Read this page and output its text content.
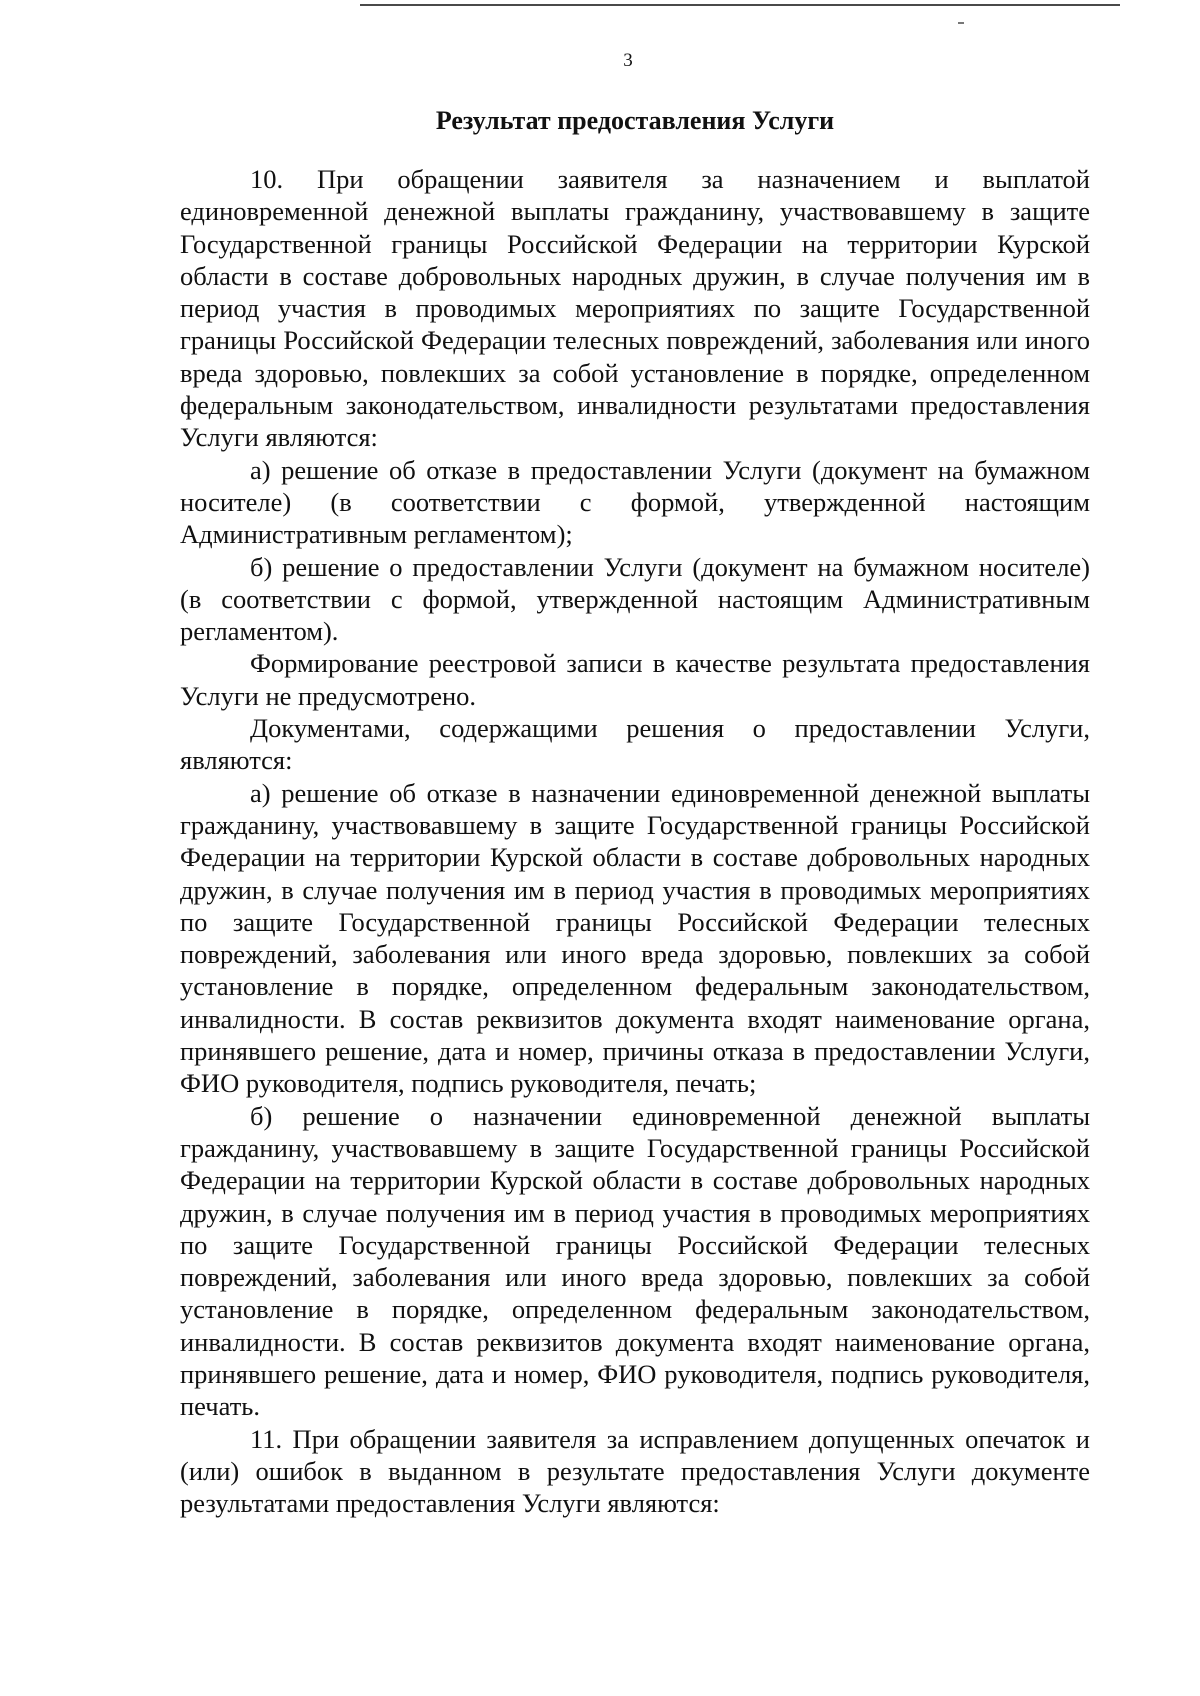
3
Результат предоставления Услуги

10. При обращении заявителя за назначением и выплатой единовременной денежной выплаты гражданину, участвовавшему в защите Государственной границы Российской Федерации на территории Курской области в составе добровольных народных дружин, в случае получения им в период участия в проводимых мероприятиях по защите Государственной границы Российской Федерации телесных повреждений, заболевания или иного вреда здоровью, повлекших за собой установление в порядке, определенном федеральным законодательством, инвалидности результатами предоставления Услуги являются:

а) решение об отказе в предоставлении Услуги (документ на бумажном носителе) (в соответствии с формой, утвержденной настоящим Административным регламентом);

б) решение о предоставлении Услуги (документ на бумажном носителе) (в соответствии с формой, утвержденной настоящим Административным регламентом).

Формирование реестровой записи в качестве результата предоставления Услуги не предусмотрено.

Документами, содержащими решения о предоставлении Услуги, являются:

а) решение об отказе в назначении единовременной денежной выплаты гражданину, участвовавшему в защите Государственной границы Российской Федерации на территории Курской области в составе добровольных народных дружин, в случае получения им в период участия в проводимых мероприятиях по защите Государственной границы Российской Федерации телесных повреждений, заболевания или иного вреда здоровью, повлекших за собой установление в порядке, определенном федеральным законодательством, инвалидности. В состав реквизитов документа входят наименование органа, принявшего решение, дата и номер, причины отказа в предоставлении Услуги, ФИО руководителя, подпись руководителя, печать;

б) решение о назначении единовременной денежной выплаты гражданину, участвовавшему в защите Государственной границы Российской Федерации на территории Курской области в составе добровольных народных дружин, в случае получения им в период участия в проводимых мероприятиях по защите Государственной границы Российской Федерации телесных повреждений, заболевания или иного вреда здоровью, повлекших за собой установление в порядке, определенном федеральным законодательством, инвалидности. В состав реквизитов документа входят наименование органа, принявшего решение, дата и номер, ФИО руководителя, подпись руководителя, печать.

11. При обращении заявителя за исправлением допущенных опечаток и (или) ошибок в выданном в результате предоставления Услуги документе результатами предоставления Услуги являются:
